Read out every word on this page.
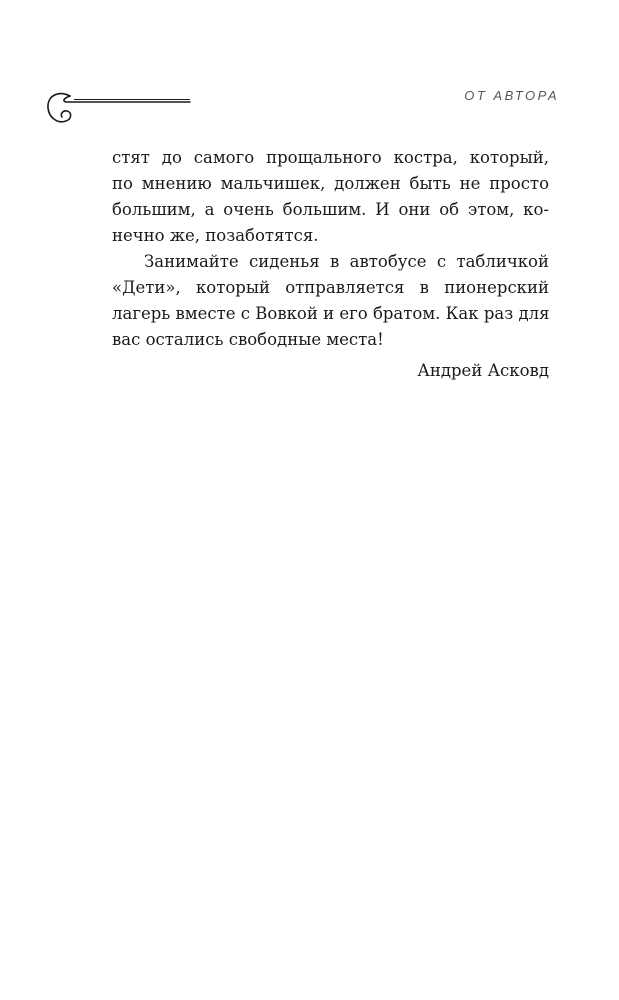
ОТ АВТОРА
стят до самого прощального костра, который,
по мнению мальчишек, должен быть не просто
большим, а очень большим. И они об этом, ко-
нечно же, позаботятся.
Занимайте сиденья в автобусе с табличкой
«Дети», который отправляется в пионерский
лагерь вместе с Вовкой и его братом. Как раз для
вас остались свободные места!
Андрей Асковд
